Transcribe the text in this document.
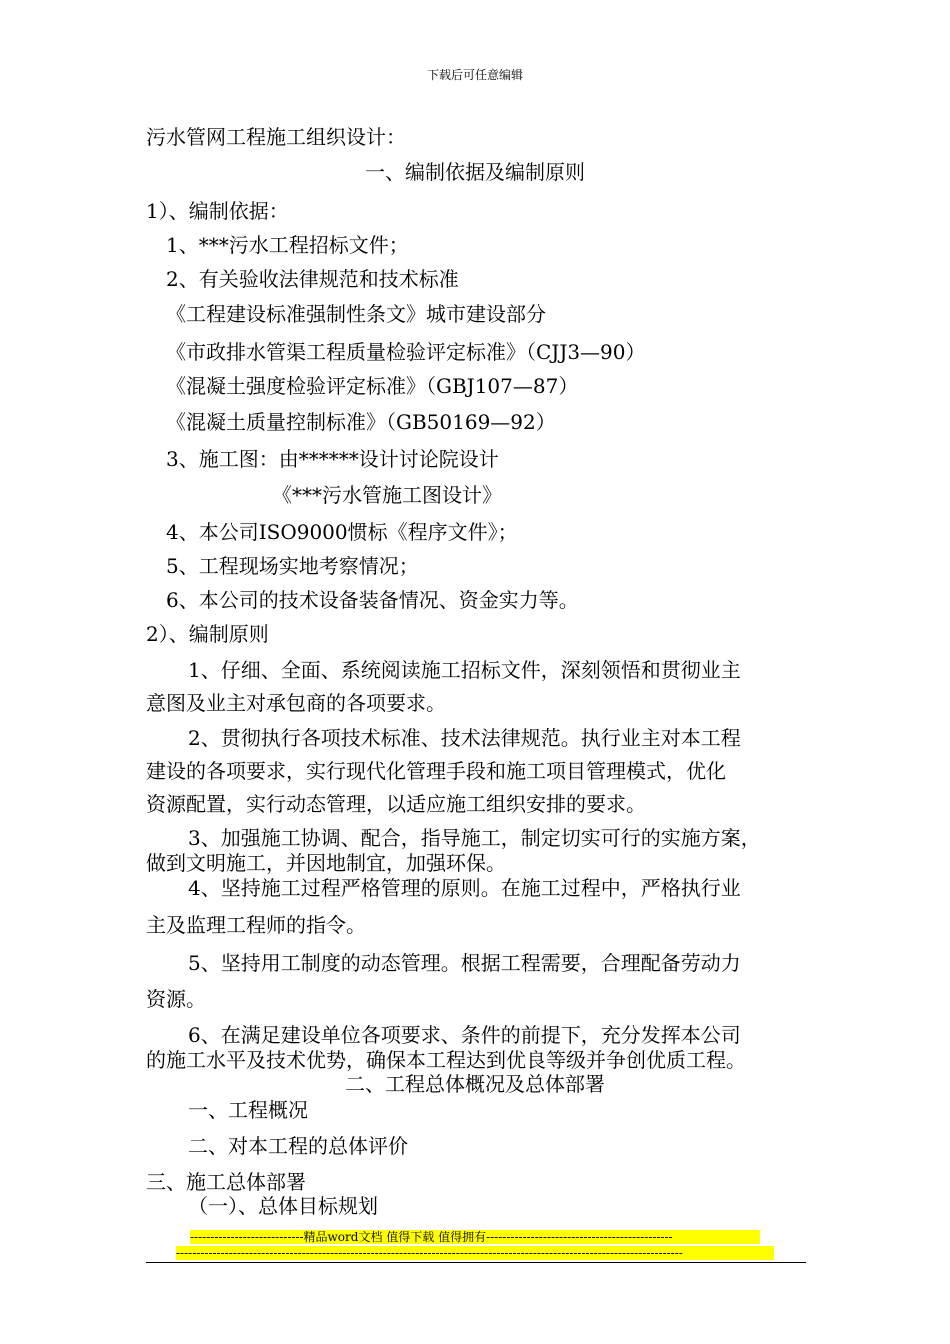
下载后可任意编辑
污水管网工程施工组织设计：
一、编制依据及编制原则
1）、编制依据：
1、***污水工程招标文件；
2、有关验收法律规范和技术标准
《工程建设标准强制性条文》城市建设部分
《市政排水管渠工程质量检验评定标准》（CJJ3—90）
《混凝土强度检验评定标准》（GBJ107—87）
《混凝土质量控制标准》（GB50169—92）
3、施工图：由******设计讨论院设计
《***污水管施工图设计》
4、本公司ISO9000惯标《程序文件》；
5、工程现场实地考察情况；
6、本公司的技术设备装备情况、资金实力等。
2）、编制原则
1、仔细、全面、系统阅读施工招标文件，深刻领悟和贯彻业主
意图及业主对承包商的各项要求。
2、贯彻执行各项技术标准、技术法律规范。执行业主对本工程
建设的各项要求，实行现代化管理手段和施工项目管理模式，优化
资源配置，实行动态管理，以适应施工组织安排的要求。
3、加强施工协调、配合，指导施工，制定切实可行的实施方案，
做到文明施工，并因地制宜，加强环保。
4、坚持施工过程严格管理的原则。在施工过程中，严格执行业
主及监理工程师的指令。
5、坚持用工制度的动态管理。根据工程需要，合理配备劳动力
资源。
6、在满足建设单位各项要求、条件的前提下，充分发挥本公司
的施工水平及技术优势，确保本工程达到优良等级并争创优质工程。
二、工程总体概况及总体部署
一、工程概况
二、对本工程的总体评价
三、施工总体部署
（一）、总体目标规划
----------------------------精品word文档 值得下载 值得拥有----------------------------------------------
-----------------------------------------------------------------------------------------------------------------------------
